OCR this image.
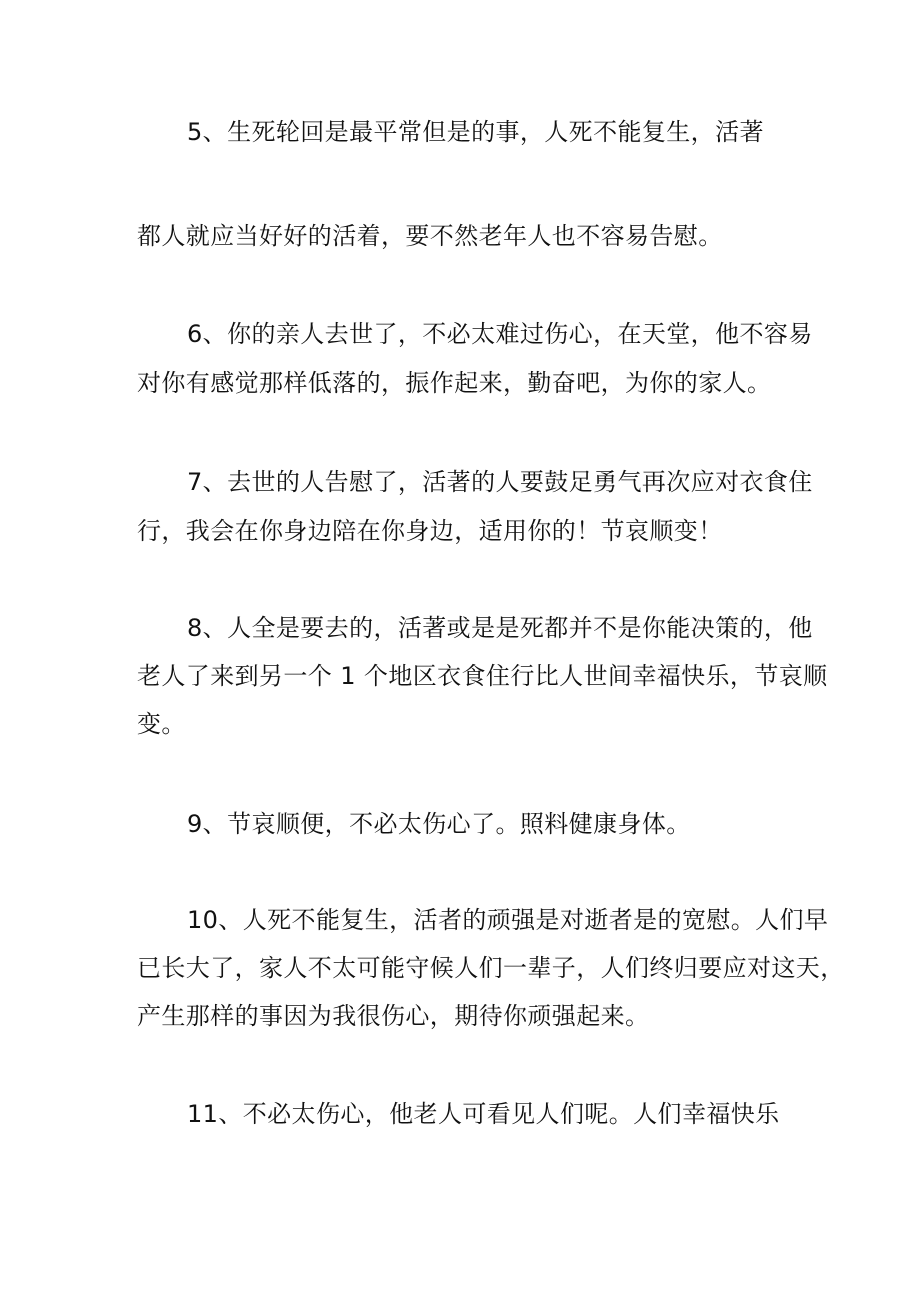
5、生死轮回是最平常但是的事，人死不能复生，活著
都人就应当好好的活着，要不然老年人也不容易告慰。
6、你的亲人去世了，不必太难过伤心，在天堂，他不容易
对你有感觉那样低落的，振作起来，勤奋吧，为你的家人。
7、去世的人告慰了，活著的人要鼓足勇气再次应对衣食住
行，我会在你身边陪在你身边，适用你的！节哀顺变！
8、人全是要去的，活著或是是死都并不是你能决策的，他
老人了来到另一个 1 个地区衣食住行比人世间幸福快乐，节哀顺
变。
9、节哀顺便，不必太伤心了。照料健康身体。
10、人死不能复生，活者的顽强是对逝者是的宽慰。人们早
已长大了，家人不太可能守候人们一辈子，人们终归要应对这天，
产生那样的事因为我很伤心，期待你顽强起来。
11、不必太伤心，他老人可看见人们呢。人们幸福快乐
